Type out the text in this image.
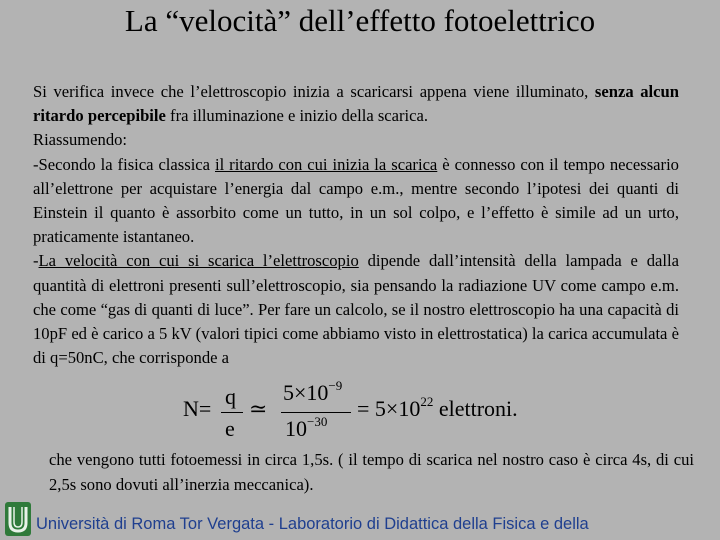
La “velocità” dell’effetto fotoelettrico

Si verifica invece che l’elettroscopio inizia a scaricarsi appena viene illuminato, senza alcun ritardo percepibile fra illuminazione e inizio della scarica.

Riassumendo:

-Secondo la fisica classica il ritardo con cui inizia la scarica è connesso con il tempo necessario all’elettrone per acquistare l’energia dal campo e.m., mentre secondo l’ipotesi dei quanti di Einstein il quanto è assorbito come un tutto, in un sol colpo, e l’effetto è simile ad un urto, praticamente istantaneo.

-La velocità con cui si scarica l’elettroscopio dipende dall’intensità della lampada e dalla quantità di elettroni presenti sull’elettroscopio, sia pensando la radiazione UV come campo e.m. che come “gas di quanti di luce”. Per fare un calcolo, se il nostro elettroscopio ha una capacità di 10pF ed è carico a 5 kV (valori tipici come abbiamo visto in elettrostatica) la carica accumulata è di q=50nC, che corrisponde a

N= q
e
≃
$5\times 10^{-9}$
$10^{-30}$
= $5\times 10^{22}$ elettroni.
che vengono tutti fotoemessi in circa 1,5s. ( il tempo di scarica nel nostro caso è circa 4s, di cui 2,5s sono dovuti all’inerzia meccanica).
Università di Roma Tor Vergata - Laboratorio di Didattica della Fisica e della
